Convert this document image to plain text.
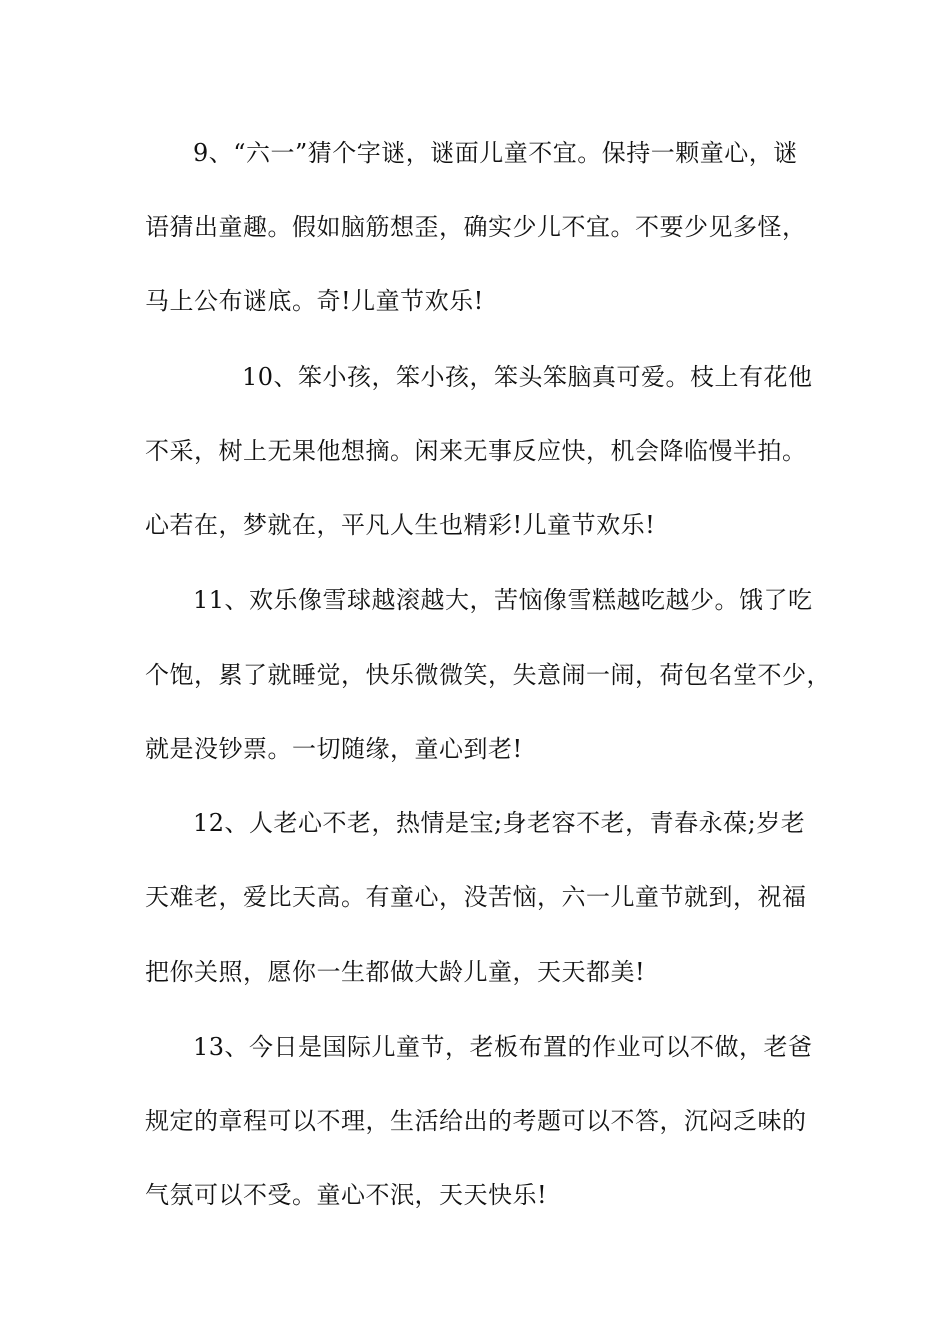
9、“六一”猜个字谜，谜面儿童不宜。保持一颗童心，谜
语猜出童趣。假如脑筋想歪，确实少儿不宜。不要少见多怪，
马上公布谜底。奇!儿童节欢乐!
10、笨小孩，笨小孩，笨头笨脑真可爱。枝上有花他
不采，树上无果他想摘。闲来无事反应快，机会降临慢半拍。
心若在，梦就在，平凡人生也精彩!儿童节欢乐!
11、欢乐像雪球越滚越大，苦恼像雪糕越吃越少。饿了吃
个饱，累了就睡觉，快乐微微笑，失意闹一闹，荷包名堂不少，
就是没钞票。一切随缘，童心到老!
12、人老心不老，热情是宝;身老容不老，青春永葆;岁老
天难老，爱比天高。有童心，没苦恼，六一儿童节就到，祝福
把你关照，愿你一生都做大龄儿童，天天都美!
13、今日是国际儿童节，老板布置的作业可以不做，老爸
规定的章程可以不理，生活给出的考题可以不答，沉闷乏味的
气氛可以不受。童心不泯，天天快乐!
